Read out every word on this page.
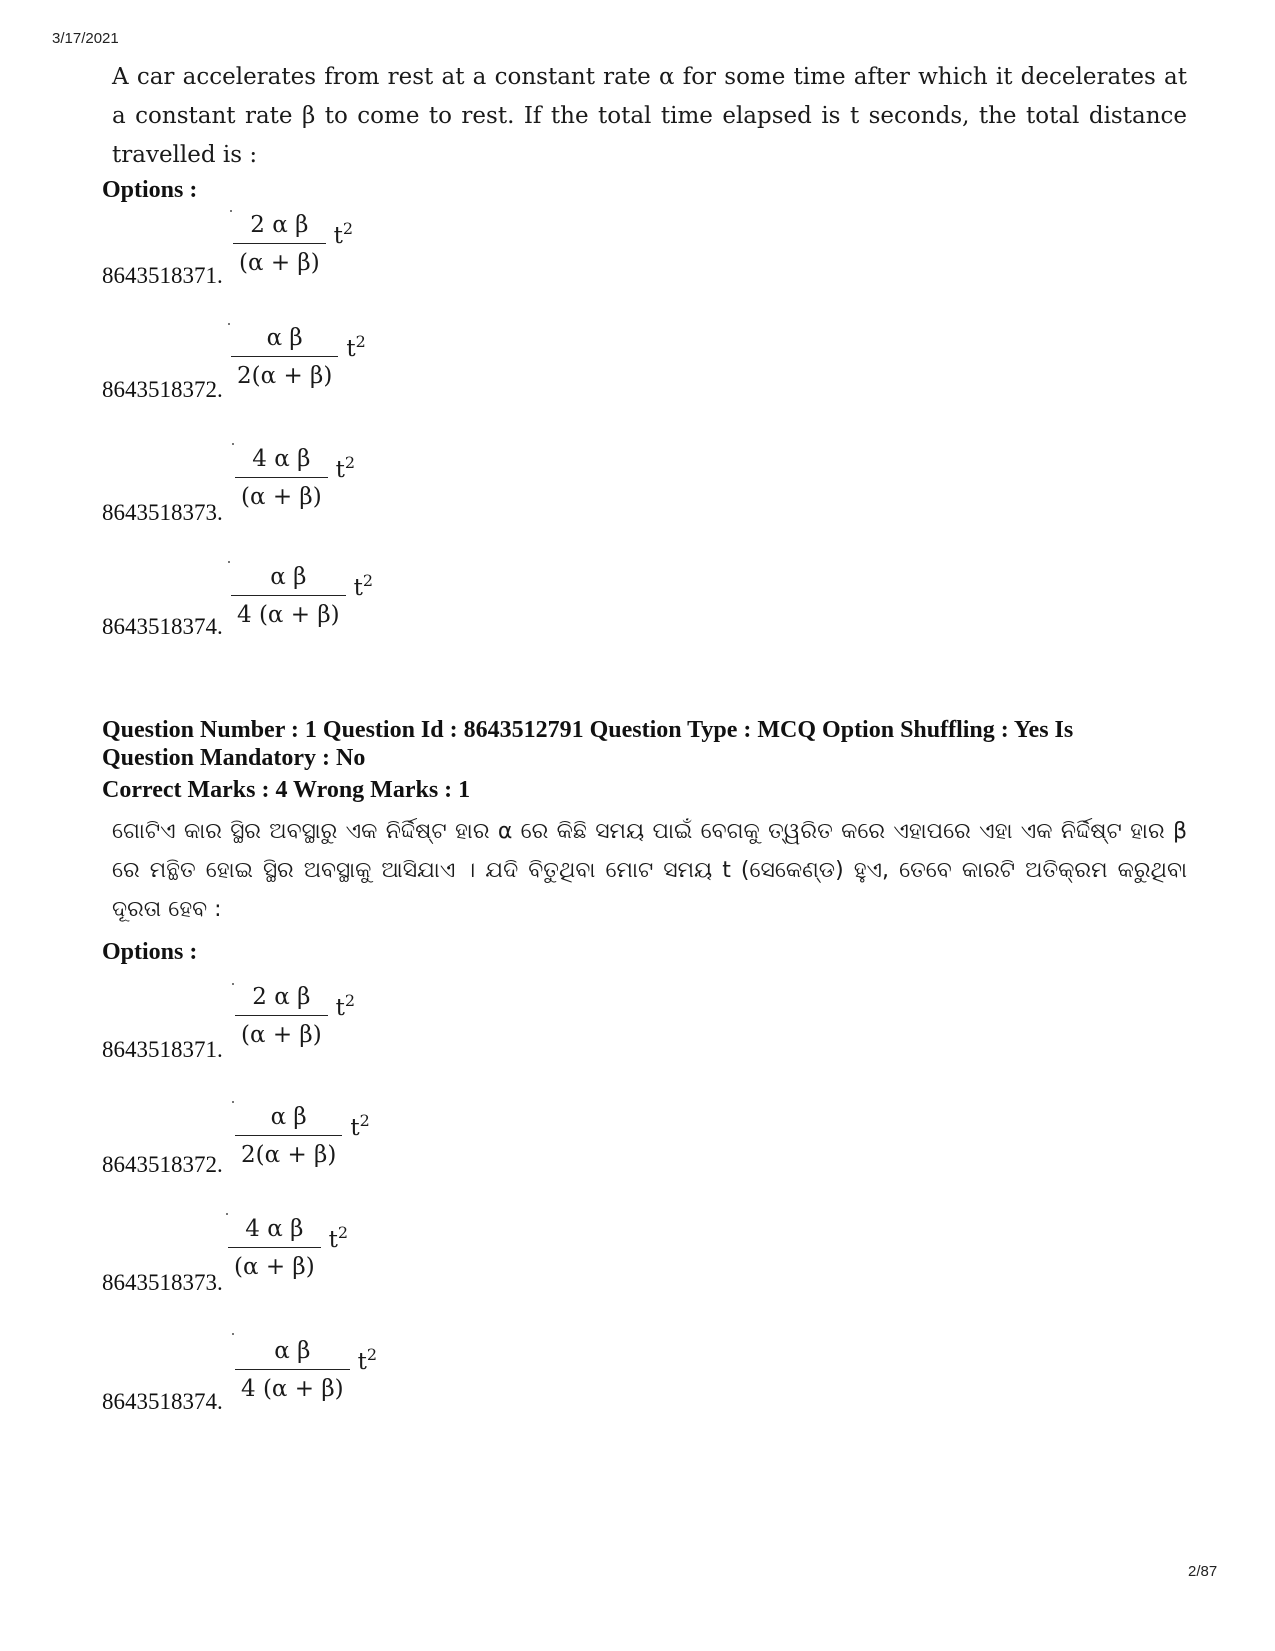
3/17/2021
A car accelerates from rest at a constant rate α for some time after which it decelerates at a constant rate β to come to rest. If the total time elapsed is t seconds, the total distance travelled is :
Options :
$\frac{\text{2 α β}}{(\alpha + \beta)} t^2$
8643518371.
$\frac{\text{α β}}{2(\alpha + \beta)} t^2$
8643518372.
$\frac{\text{4 α β}}{(\alpha + \beta)} t^2$
8643518373.
$\frac{\text{α β}}{4 (\alpha + \beta)} t^2$
8643518374.
Question Number : 1 Question Id : 8643512791 Question Type : MCQ Option Shuffling : Yes Is
Question Mandatory : No
Correct Marks : 4 Wrong Marks : 1
ଗୋଟିଏ କାର ସ୍ଥିର ଅବସ୍ଥାରୁ ଏକ ନିର୍ଦ୍ଦିଷ୍ଟ ହାର α ରେ କିଛି ସମୟ ପାଇଁ ବେଗକୁ ତ୍ୱରିତ କରେ ଏହାପରେ ଏହା ଏକ ନିର୍ଦ୍ଦିଷ୍ଟ ହାର β ରେ ମନ୍ଥିତ ହୋଇ ସ୍ଥିର ଅବସ୍ଥାକୁ ଆସିଯାଏ । ଯଦି ବିତୁଥିବା ମୋଟ ସମୟ t (ସେକେଣ୍ଡ) ହୁଏ, ତେବେ କାରଟି ଅତିକ୍ରମ କରୁଥିବା ଦୂରତା ହେବ :
Options :
$\frac{\text{2 α β}}{(\alpha + \beta)} t^2$
8643518371.
$\frac{\text{α β}}{2(\alpha + \beta)} t^2$
8643518372.
$\frac{\text{4 α β}}{(\alpha + \beta)} t^2$
8643518373.
$\frac{\text{α β}}{4 (\alpha + \beta)} t^2$
8643518374.
2/87
